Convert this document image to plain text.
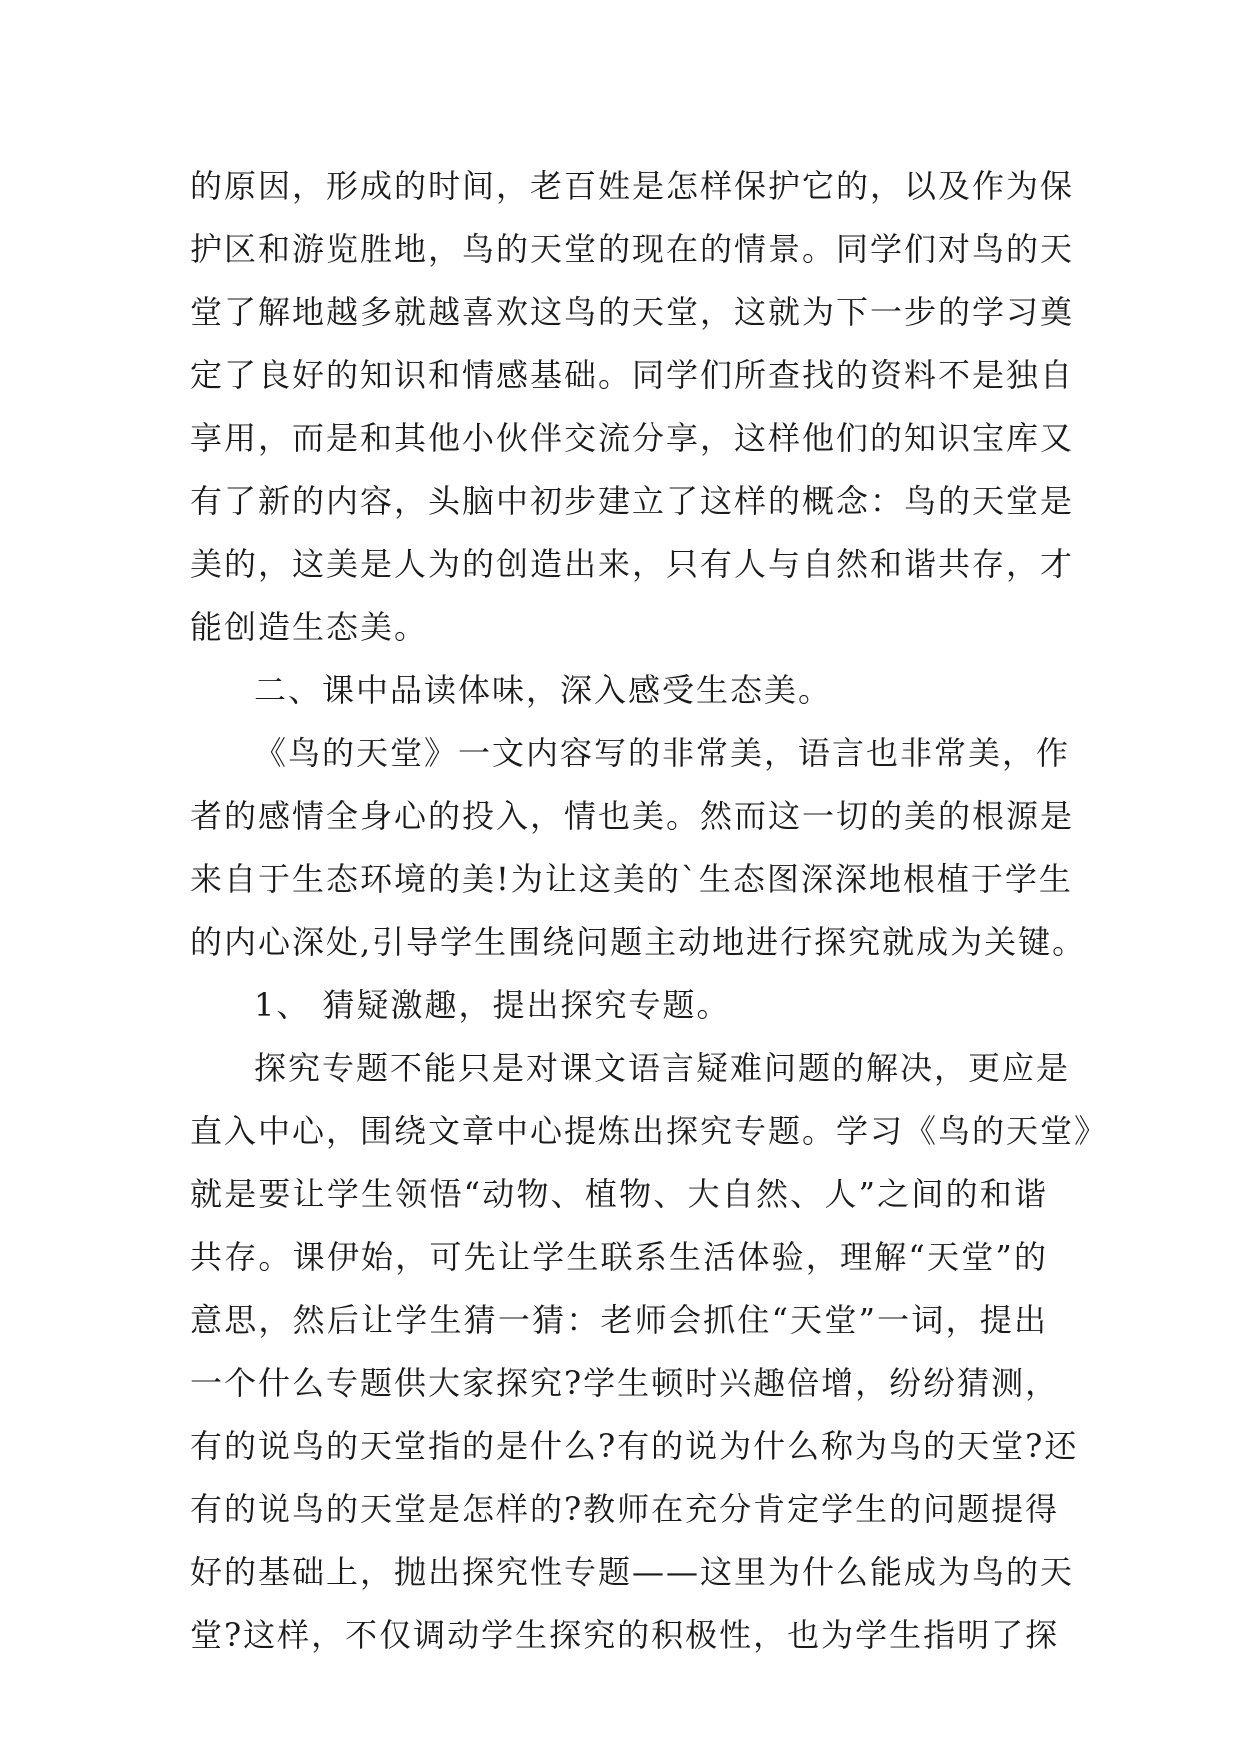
的原因，形成的时间，老百姓是怎样保护它的，以及作为保
护区和游览胜地，鸟的天堂的现在的情景。同学们对鸟的天
堂了解地越多就越喜欢这鸟的天堂，这就为下一步的学习奠
定了良好的知识和情感基础。同学们所查找的资料不是独自
享用，而是和其他小伙伴交流分享，这样他们的知识宝库又
有了新的内容，头脑中初步建立了这样的概念：鸟的天堂是
美的，这美是人为的创造出来，只有人与自然和谐共存，才
能创造生态美。
二、课中品读体味，深入感受生态美。
《鸟的天堂》一文内容写的非常美，语言也非常美，作
者的感情全身心的投入，情也美。然而这一切的美的根源是
来自于生态环境的美!为让这美的`生态图深深地根植于学生
的内心深处,引导学生围绕问题主动地进行探究就成为关键。
1、 猜疑激趣，提出探究专题。
探究专题不能只是对课文语言疑难问题的解决，更应是
直入中心，围绕文章中心提炼出探究专题。学习《鸟的天堂》
就是要让学生领悟“动物、植物、大自然、人”之间的和谐
共存。课伊始，可先让学生联系生活体验，理解“天堂”的
意思，然后让学生猜一猜：老师会抓住“天堂”一词，提出
一个什么专题供大家探究?学生顿时兴趣倍增，纷纷猜测，
有的说鸟的天堂指的是什么?有的说为什么称为鸟的天堂?还
有的说鸟的天堂是怎样的?教师在充分肯定学生的问题提得
好的基础上，抛出探究性专题——这里为什么能成为鸟的天
堂?这样，不仅调动学生探究的积极性，也为学生指明了探
